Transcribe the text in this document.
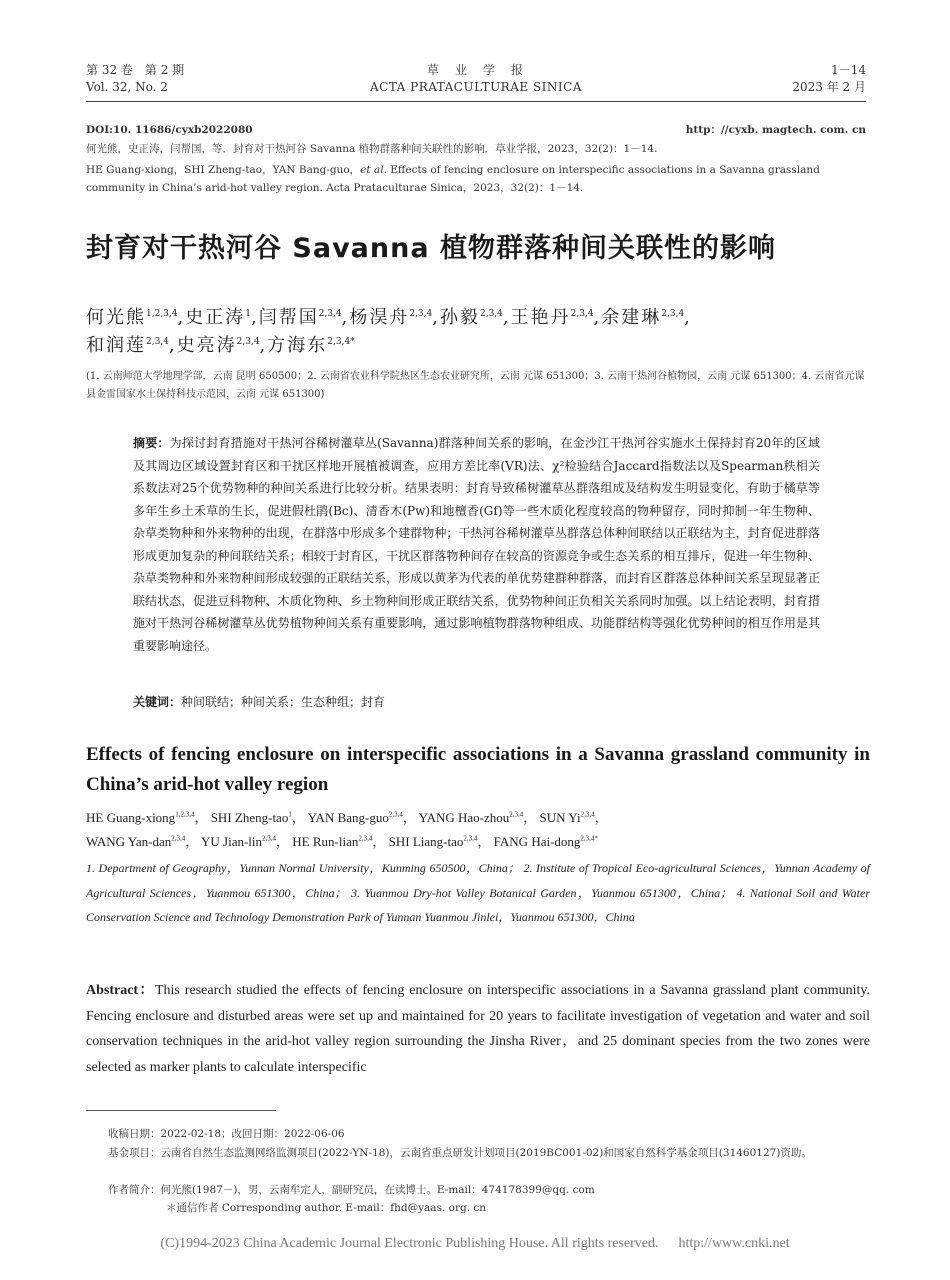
第 32 卷　第 2 期
Vol. 32, No. 2
草　业　学　报
ACTA PRATACULTURAE SINICA
1－14
2023 年 2 月
DOI:10. 11686/cyxb2022080	http：//cyxb. magtech. com. cn
何光熊，史正涛，闫帮国，等．封育对干热河谷 Savanna 植物群落种间关联性的影响．草业学报，2023，32(2)：1－14.
HE Guang-xiong，SHI Zheng-tao，YAN Bang-guo，et al. Effects of fencing enclosure on interspecific associations in a Savanna grassland community in China’s arid-hot valley region. Acta Prataculturae Sinica，2023，32(2)：1－14.
封育对干热河谷 Savanna 植物群落种间关联性的影响
何光熊$^{1,2,3,4}$,史正涛$^1$,闫帮国$^{2,3,4}$,杨淏舟$^{2,3,4}$,孙毅$^{2,3,4}$,王艳丹$^{2,3,4}$,余建琳$^{2,3,4}$,
和润莲$^{2,3,4}$,史亮涛$^{2,3,4}$,方海东$^{2,3,4*}$
(1. 云南师范大学地理学部，云南 昆明 650500；2. 云南省农业科学院热区生态农业研究所，云南 元谋 651300；3. 云南干热河谷植物园，云南 元谋 651300；4. 云南省元谋县金雷国家水土保持科技示范园，云南 元谋 651300)
摘要：为探讨封育措施对干热河谷稀树灌草丛(Savanna)群落种间关系的影响，在金沙江干热河谷实施水土保持封育20年的区域及其周边区域设置封育区和干扰区样地开展植被调查，应用方差比率(VR)法、χ²检验结合Jaccard指数法以及Spearman秩相关系数法对25个优势物种的种间关系进行比较分析。结果表明：封育导致稀树灌草丛群落组成及结构发生明显变化，有助于橘草等多年生乡土禾草的生长，促进假杜鹃(Bc)、清香木(Pw)和地檀香(Gf)等一些木质化程度较高的物种留存，同时抑制一年生物种、杂草类物种和外来物种的出现，在群落中形成多个建群物种；干热河谷稀树灌草丛群落总体种间联结以正联结为主，封育促进群落形成更加复杂的种间联结关系；相较于封育区，干扰区群落物种间存在较高的资源竞争或生态关系的相互排斥，促进一年生物种、杂草类物种和外来物种间形成较强的正联结关系，形成以黄茅为代表的单优势建群种群落，而封育区群落总体种间关系呈现显著正联结状态，促进豆科物种、木质化物种、乡土物种间形成正联结关系，优势物种间正负相关关系同时加强。以上结论表明，封育措施对干热河谷稀树灌草丛优势植物种间关系有重要影响，通过影响植物群落物种组成、功能群结构等强化优势种间的相互作用是其重要影响途径。
关键词：种间联结；种间关系；生态种组；封育
Effects of fencing enclosure on interspecific associations in a Savanna grassland community in China’s arid-hot valley region
HE Guang-xiong$^{1,2,3,4}$， SHI Zheng-tao$^1$， YAN Bang-guo$^{2,3,4}$， YANG Hao-zhou$^{2,3,4}$， SUN Yi$^{2,3,4}$，
WANG Yan-dan$^{2,3,4}$， YU Jian-lin$^{2,3,4}$， HE Run-lian$^{2,3,4}$， SHI Liang-tao$^{2,3,4}$， FANG Hai-dong$^{2,3,4*}$
1. Department of Geography，Yunnan Normal University，Kunming 650500，China； 2. Institute of Tropical Eco-agricultural Sciences，Yunnan Academy of Agricultural Sciences，Yuanmou 651300，China； 3. Yuanmou Dry-hot Valley Botanical Garden，Yuanmou 651300，China； 4. National Soil and Water Conservation Science and Technology Demonstration Park of Yunnan Yuanmou Jinlei，Yuanmou 651300，China
Abstract：This research studied the effects of fencing enclosure on interspecific associations in a Savanna grassland plant community. Fencing enclosure and disturbed areas were set up and maintained for 20 years to facilitate investigation of vegetation and water and soil conservation techniques in the arid-hot valley region surrounding the Jinsha River，and 25 dominant species from the two zones were selected as marker plants to calculate interspecific
收稿日期：2022-02-18；改回日期：2022-06-06
基金项目：云南省自然生态监测网络监测项目(2022-YN-18)，云南省重点研发计划项目(2019BC001-02)和国家自然科学基金项目(31460127)资助。
作者简介：何光熊(1987－)，男，云南牟定人，副研究员，在读博士。E-mail：474178399@qq. com
＊通信作者 Corresponding author. E-mail：fhd@yaas. org. cn
(C)1994-2023 China Academic Journal Electronic Publishing House. All rights reserved. http://www.cnki.net
